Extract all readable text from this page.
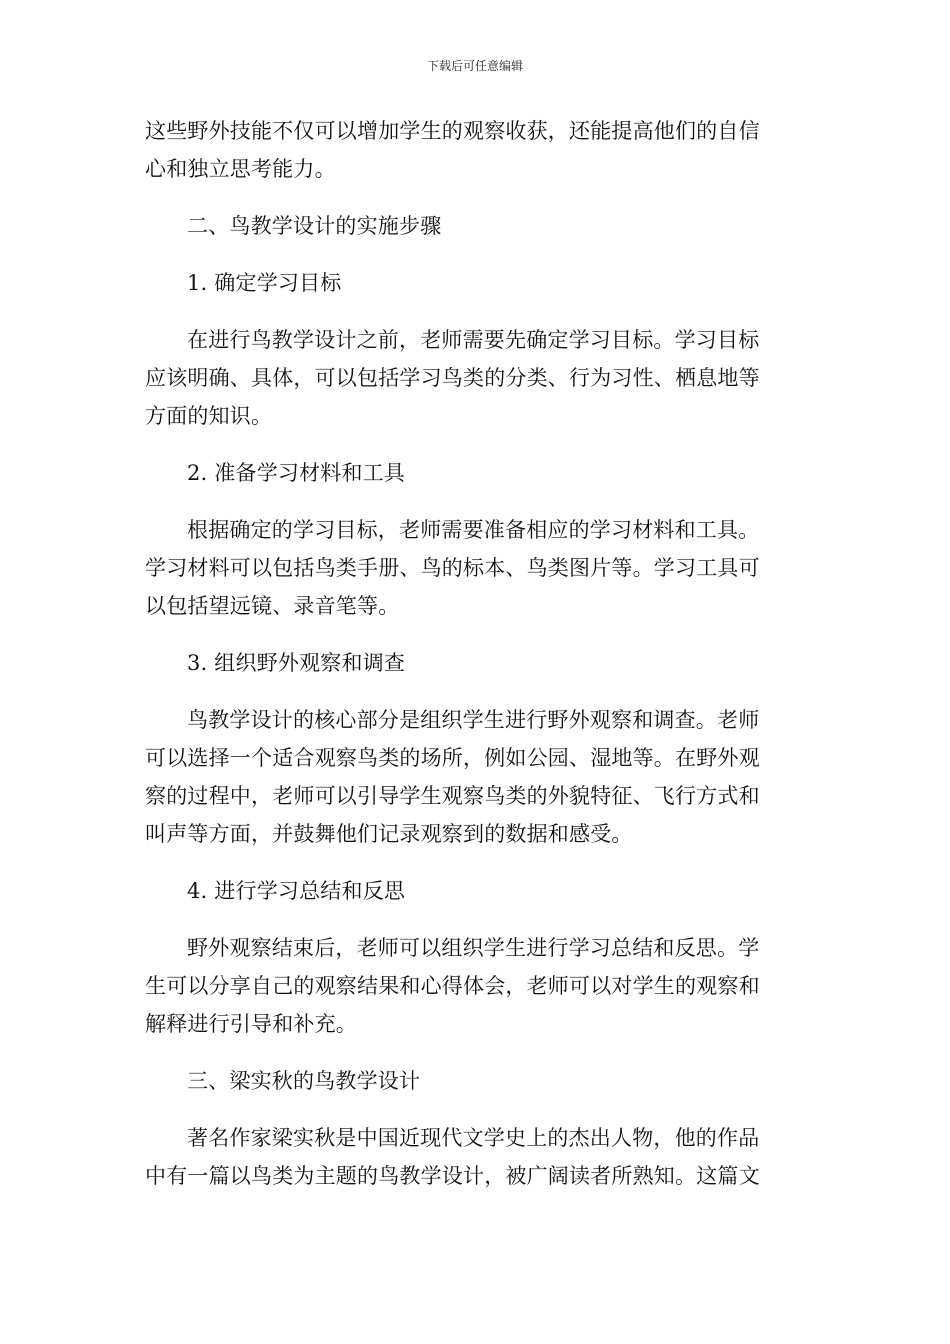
下载后可任意编辑
这些野外技能不仅可以增加学生的观察收获，还能提高他们的自信
心和独立思考能力。
二、鸟教学设计的实施步骤
1. 确定学习目标
在进行鸟教学设计之前，老师需要先确定学习目标。学习目标
应该明确、具体，可以包括学习鸟类的分类、行为习性、栖息地等
方面的知识。
2. 准备学习材料和工具
根据确定的学习目标，老师需要准备相应的学习材料和工具。
学习材料可以包括鸟类手册、鸟的标本、鸟类图片等。学习工具可
以包括望远镜、录音笔等。
3. 组织野外观察和调查
鸟教学设计的核心部分是组织学生进行野外观察和调查。老师
可以选择一个适合观察鸟类的场所，例如公园、湿地等。在野外观
察的过程中，老师可以引导学生观察鸟类的外貌特征、飞行方式和
叫声等方面，并鼓舞他们记录观察到的数据和感受。
4. 进行学习总结和反思
野外观察结束后，老师可以组织学生进行学习总结和反思。学
生可以分享自己的观察结果和心得体会，老师可以对学生的观察和
解释进行引导和补充。
三、梁实秋的鸟教学设计
著名作家梁实秋是中国近现代文学史上的杰出人物，他的作品
中有一篇以鸟类为主题的鸟教学设计，被广阔读者所熟知。这篇文
